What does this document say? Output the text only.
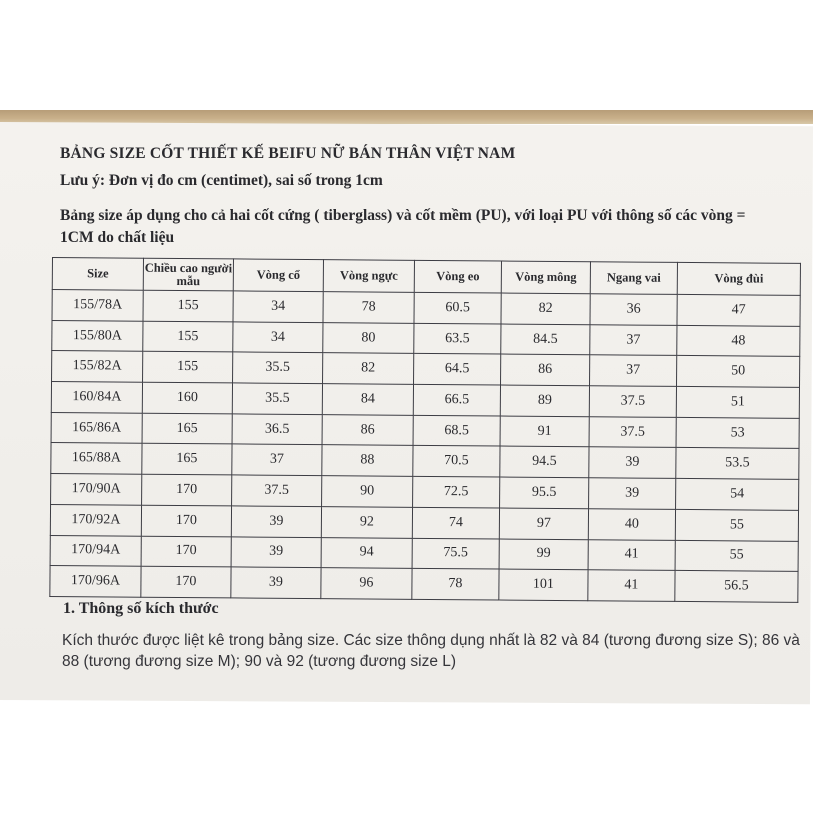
BẢNG SIZE CỐT THIẾT KẾ BEIFU NỮ BÁN THÂN VIỆT NAM
Lưu ý: Đơn vị đo cm (centimet), sai số trong 1cm
Bảng size áp dụng cho cả hai cốt cứng ( tiberglass) và cốt mềm (PU), với loại PU với thông số các vòng = 1CM do chất liệu
Size	Chiều cao người mẫu	Vòng cổ	Vòng ngực	Vòng eo	Vòng mông	Ngang vai	Vòng đùi
155/78A	155	34	78	60.5	82	36	47
155/80A	155	34	80	63.5	84.5	37	48
155/82A	155	35.5	82	64.5	86	37	50
160/84A	160	35.5	84	66.5	89	37.5	51
165/86A	165	36.5	86	68.5	91	37.5	53
165/88A	165	37	88	70.5	94.5	39	53.5
170/90A	170	37.5	90	72.5	95.5	39	54
170/92A	170	39	92	74	97	40	55
170/94A	170	39	94	75.5	99	41	55
170/96A	170	39	96	78	101	41	56.5
1. Thông số kích thước
Kích thước được liệt kê trong bảng size. Các size thông dụng nhất là 82 và 84 (tương đương size S); 86 và 88 (tương đương size M); 90 và 92 (tương đương size L)
